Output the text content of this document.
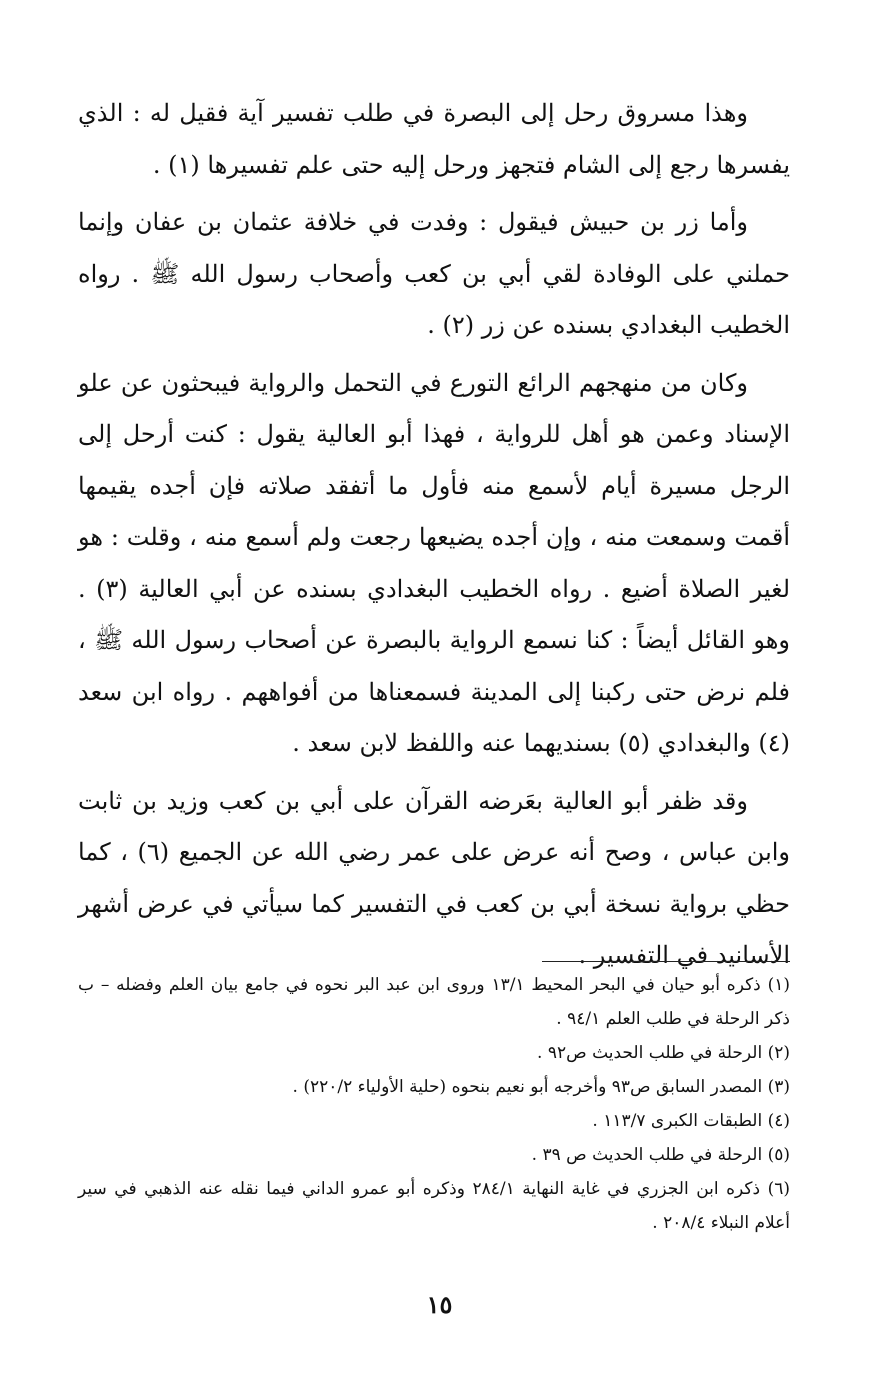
وهذا مسروق رحل إلى البصرة في طلب تفسير آية فقيل له : الذي يفسرها رجع إلى الشام فتجهز ورحل إليه حتى علم تفسيرها (١) .

وأما زر بن حبيش فيقول : وفدت في خلافة عثمان بن عفان وإنما حملني على الوفادة لقي أبي بن كعب وأصحاب رسول الله ﷺ . رواه الخطيب البغدادي بسنده عن زر (٢) .

وكان من منهجهم الرائع التورع في التحمل والرواية فيبحثون عن علو الإسناد وعمن هو أهل للرواية ، فهذا أبو العالية يقول : كنت أرحل إلى الرجل مسيرة أيام لأسمع منه فأول ما أتفقد صلاته فإن أجده يقيمها أقمت وسمعت منه ، وإن أجده يضيعها رجعت ولم أسمع منه ، وقلت : هو لغير الصلاة أضيع . رواه الخطيب البغدادي بسنده عن أبي العالية (٣) . وهو القائل أيضاً : كنا نسمع الرواية بالبصرة عن أصحاب رسول الله ﷺ ، فلم نرض حتى ركبنا إلى المدينة فسمعناها من أفواههم . رواه ابن سعد (٤) والبغدادي (٥) بسنديهما عنه واللفظ لابن سعد .

وقد ظفر أبو العالية بعَرضه القرآن على أبي بن كعب وزيد بن ثابت وابن عباس ، وصح أنه عرض على عمر رضي الله عن الجميع (٦) ، كما حظي برواية نسخة أبي بن كعب في التفسير كما سيأتي في عرض أشهر الأسانيد في التفسير .

(١) ذكره أبو حيان في البحر المحيط ١٣/١ وروى ابن عبد البر نحوه في جامع بيان العلم وفضله – ب ذكر الرحلة في طلب العلم ٩٤/١ .

(٢) الرحلة في طلب الحديث ص٩٢ .

(٣) المصدر السابق ص٩٣ وأخرجه أبو نعيم بنحوه (حلية الأولياء ٢٢٠/٢) .

(٤) الطبقات الكبرى ١١٣/٧ .

(٥) الرحلة في طلب الحديث ص ٣٩ .

(٦) ذكره ابن الجزري في غاية النهاية ٢٨٤/١ وذكره أبو عمرو الداني فيما نقله عنه الذهبي في سير أعلام النبلاء ٢٠٨/٤ .

١٥
